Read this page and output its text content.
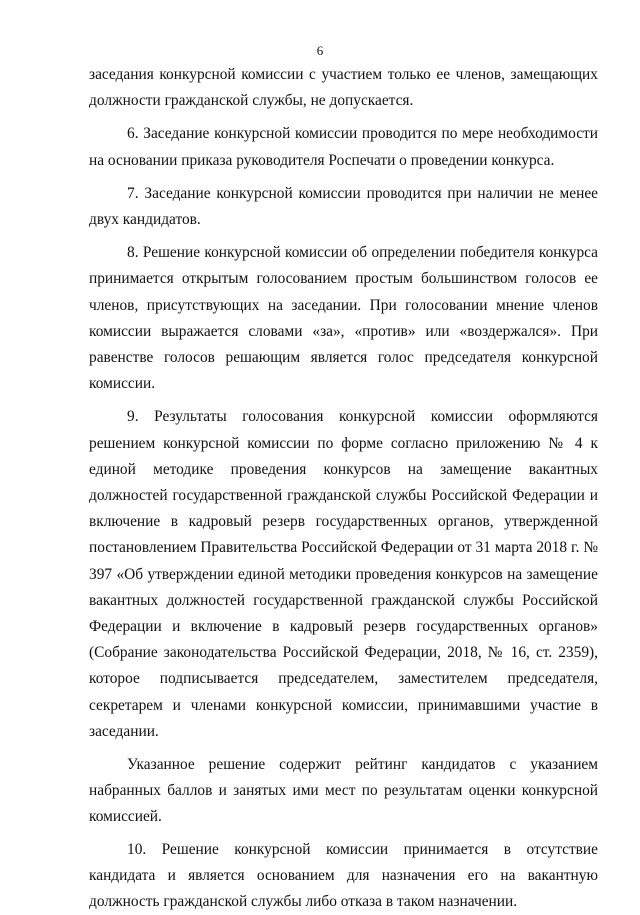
6

заседания конкурсной комиссии с участием только ее членов, замещающих должности гражданской службы, не допускается.

6. Заседание конкурсной комиссии проводится по мере необходимости на основании приказа руководителя Роспечати о проведении конкурса.

7. Заседание конкурсной комиссии проводится при наличии не менее двух кандидатов.

8. Решение конкурсной комиссии об определении победителя конкурса принимается открытым голосованием простым большинством голосов ее членов, присутствующих на заседании. При голосовании мнение членов комиссии выражается словами «за», «против» или «воздержался». При равенстве голосов решающим является голос председателя конкурсной комиссии.

9. Результаты голосования конкурсной комиссии оформляются решением конкурсной комиссии по форме согласно приложению № 4 к единой методике проведения конкурсов на замещение вакантных должностей государственной гражданской службы Российской Федерации и включение в кадровый резерв государственных органов, утвержденной постановлением Правительства Российской Федерации от 31 марта 2018 г. № 397 «Об утверждении единой методики проведения конкурсов на замещение вакантных должностей государственной гражданской службы Российской Федерации и включение в кадровый резерв государственных органов» (Собрание законодательства Российской Федерации, 2018, № 16, ст. 2359), которое подписывается председателем, заместителем председателя, секретарем и членами конкурсной комиссии, принимавшими участие в заседании.

Указанное решение содержит рейтинг кандидатов с указанием набранных баллов и занятых ими мест по результатам оценки конкурсной комиссией.

10. Решение конкурсной комиссии принимается в отсутствие кандидата и является основанием для назначения его на вакантную должность гражданской службы либо отказа в таком назначении.
